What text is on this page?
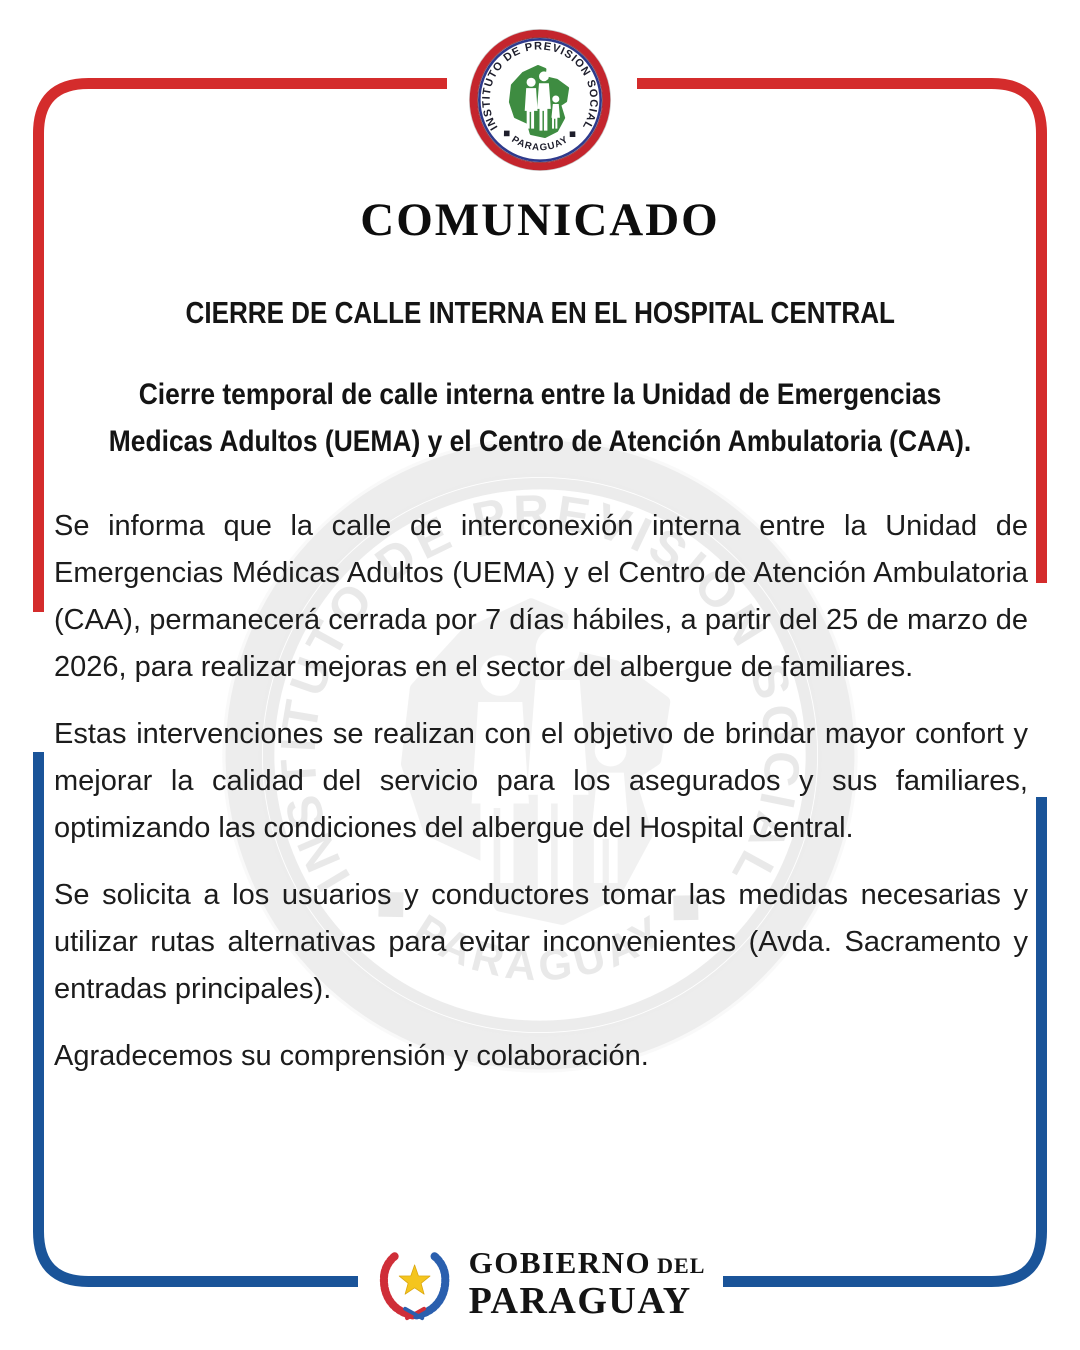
COMUNICADO
CIERRE DE CALLE INTERNA EN EL HOSPITAL CENTRAL
Cierre temporal de calle interna entre la Unidad de Emergencias
Medicas Adultos (UEMA) y el Centro de Atención Ambulatoria (CAA).

Se informa que la calle de interconexión interna entre la Unidad de Emergencias Médicas Adultos (UEMA) y el Centro de Atención Ambulatoria (CAA), permanecerá cerrada por 7 días hábiles, a partir del 25 de marzo de 2026, para realizar mejoras en el sector del albergue de familiares.

Estas intervenciones se realizan con el objetivo de brindar mayor confort y mejorar la calidad del servicio para los asegurados y sus familiares, optimizando las condiciones del albergue del Hospital Central.

Se solicita a los usuarios y conductores tomar las medidas necesarias y utilizar rutas alternativas para evitar inconvenientes (Avda. Sacramento y entradas principales).

Agradecemos su comprensión y colaboración.

GOBIERNO DEL
PARAGUAY
